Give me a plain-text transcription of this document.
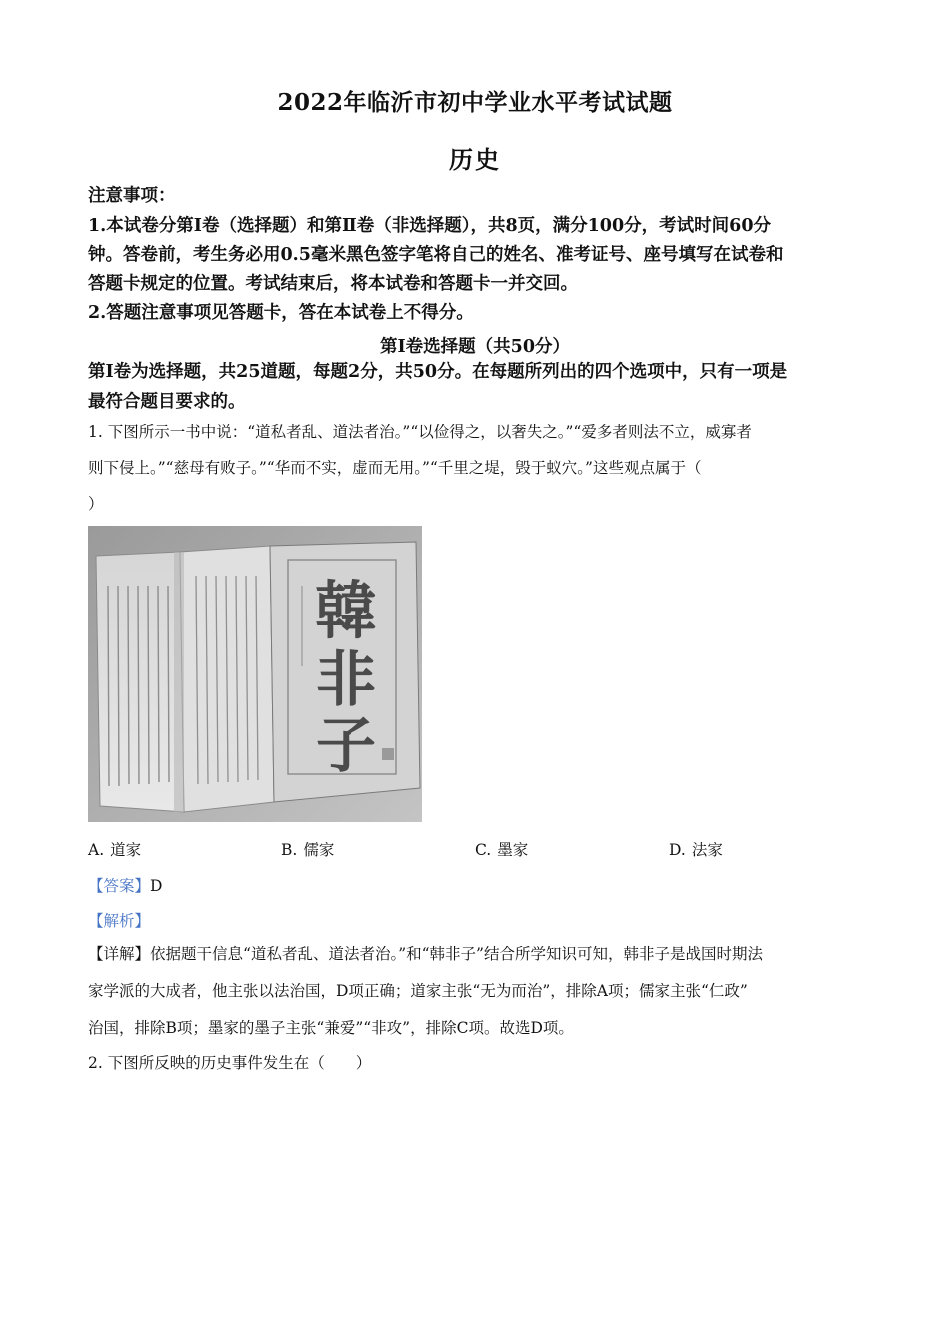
2022年临沂市初中学业水平考试试题
历史
注意事项：
1.本试卷分第Ⅰ卷（选择题）和第Ⅱ卷（非选择题），共8页，满分100分，考试时间60分
钟。答卷前，考生务必用0.5毫米黑色签字笔将自己的姓名、准考证号、座号填写在试卷和
答题卡规定的位置。考试结束后，将本试卷和答题卡一并交回。
2.答题注意事项见答题卡，答在本试卷上不得分。
第Ⅰ卷选择题（共50分）
第Ⅰ卷为选择题，共25道题，每题2分，共50分。在每题所列出的四个选项中，只有一项是
最符合题目要求的。
1. 下图所示一书中说：“道私者乱、道法者治。”“以俭得之，以奢失之。”“爱多者则法不立，威寡者
则下侵上。”“慈母有败子。”“华而不实，虚而无用。”“千里之堤，毁于蚁穴。”这些观点属于（
）
韓
非
子
A. 道家	B. 儒家	C. 墨家	D. 法家
【答案】D
【解析】
【详解】依据题干信息“道私者乱、道法者治。”和“韩非子”结合所学知识可知，韩非子是战国时期法
家学派的大成者，他主张以法治国，D项正确；道家主张“无为而治”，排除A项；儒家主张“仁政”
治国，排除B项；墨家的墨子主张“兼爱”“非攻”，排除C项。故选D项。
2. 下图所反映的历史事件发生在（　　）
